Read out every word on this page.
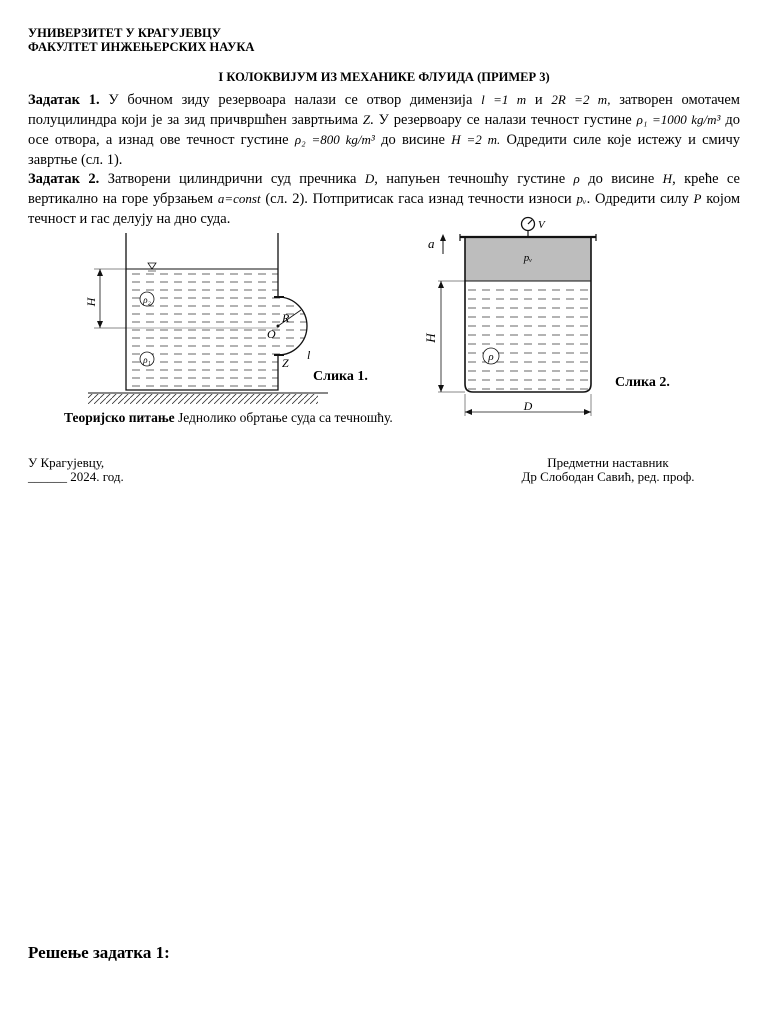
УНИВЕРЗИТЕТ У КРАГУЈЕВЦУ
ФАКУЛТЕТ ИНЖЕЊЕРСКИХ НАУКА
I КОЛОКВИЈУМ ИЗ МЕХАНИКЕ ФЛУИДА (ПРИМЕР 3)
Задатак 1. У бочном зиду резервоара налази се отвор димензија l =1 m и 2R =2 m, затворен омотачем полуцилиндра који је за зид причвршћен завртњима Z. У резервоару се налази течност густине ρ₁ =1000 kg/m³ до осе отвора, а изнад ове течност густине ρ₂ =800 kg/m³ до висине H =2 m. Одредити силе које истежу и смичу завртње (сл. 1).
Задатак 2. Затворени цилиндрични суд пречника D, напуњен течношћу густине ρ до висине H, креће се вертикално на горе убрзањем a=const (сл. 2). Потпритисак гаса изнад течности износи pᵥ. Одредити силу P којом течност и гас делују на дно суда.
H	ρ₂
ρ₁
R
O
l
Z
Слика 1.
V
pᵥ
a
H
ρ
D
Слика 2.
Теоријско питање Једнолико обртање суда са течношћу.
У Крагујевцу,
______ 2024. год.
Предметни наставник
Др Слободан Савић, ред. проф.
Решење задатка 1:
